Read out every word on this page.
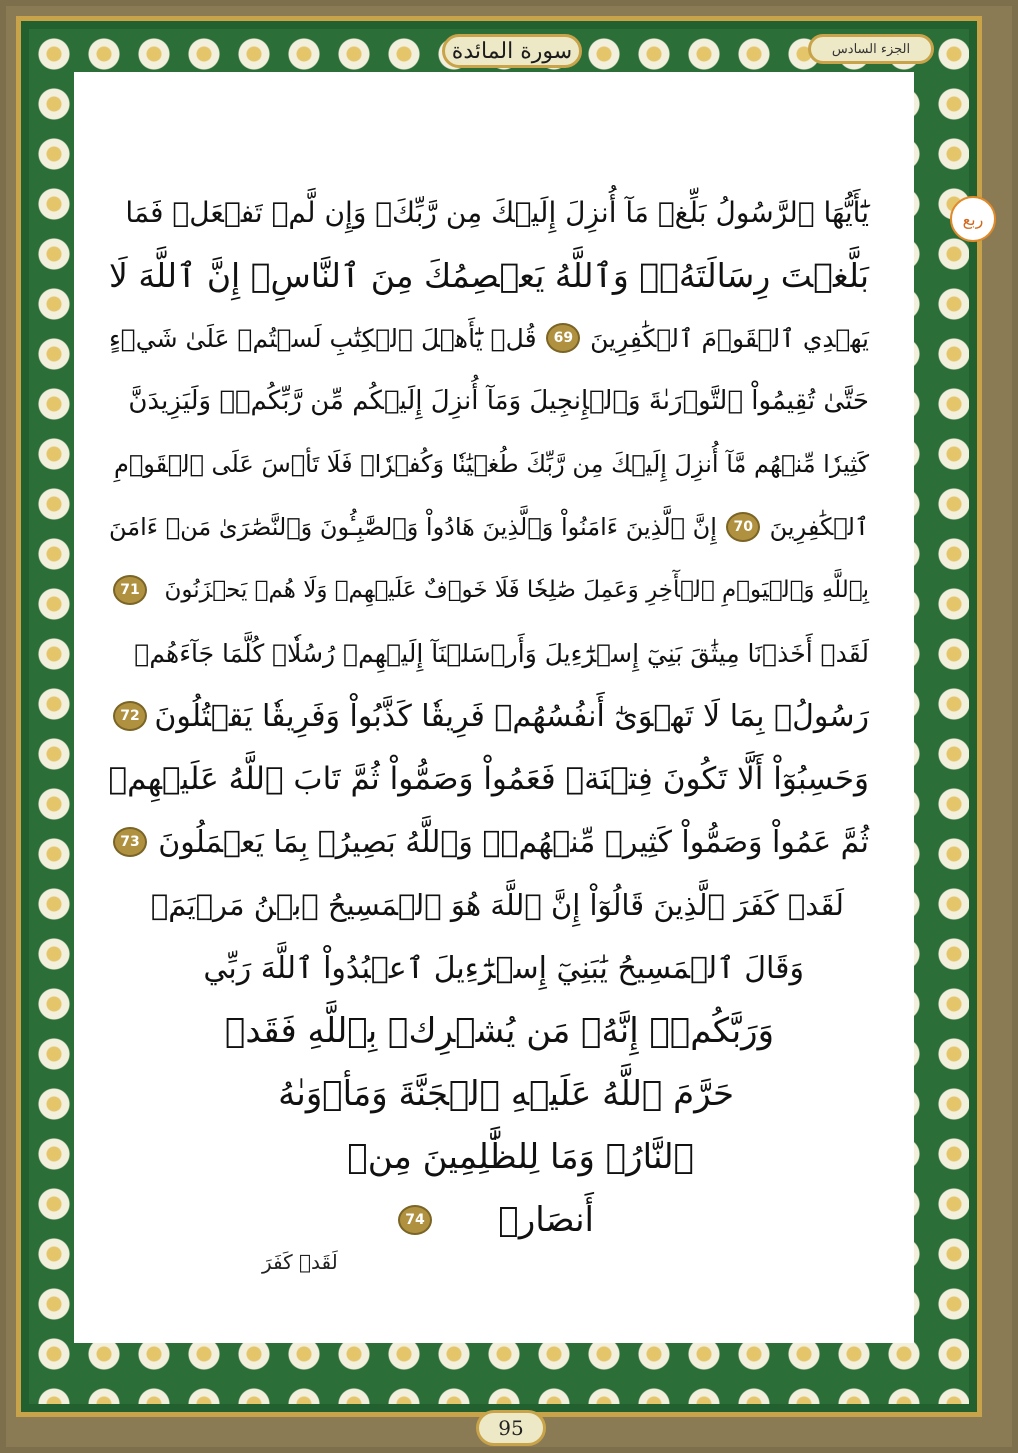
سورة المائدة	الجزء السادس
يَٰٓأَيُّهَا ٱلرَّسُولُ بَلِّغۡ مَآ أُنزِلَ إِلَيۡكَ مِن رَّبِّكَۖ وَإِن لَّمۡ تَفۡعَلۡ فَمَا
بَلَّغۡتَ رِسَالَتَهُۥۚ وَٱللَّهُ يَعۡصِمُكَ مِنَ ٱلنَّاسِۗ إِنَّ ٱللَّهَ لَا
يَهۡدِي ٱلۡقَوۡمَ ٱلۡكَٰفِرِينَ
69
قُلۡ يَٰٓأَهۡلَ ٱلۡكِتَٰبِ لَسۡتُمۡ عَلَىٰ شَيۡءٍ
حَتَّىٰ تُقِيمُواْ ٱلتَّوۡرَىٰةَ وَٱلۡإِنجِيلَ وَمَآ أُنزِلَ إِلَيۡكُم مِّن رَّبِّكُمۡۗ وَلَيَزِيدَنَّ
كَثِيرٗا مِّنۡهُم مَّآ أُنزِلَ إِلَيۡكَ مِن رَّبِّكَ طُغۡيَٰنٗا وَكُفۡرٗاۖ فَلَا تَأۡسَ عَلَى ٱلۡقَوۡمِ
ٱلۡكَٰفِرِينَ
70
إِنَّ ٱلَّذِينَ ءَامَنُواْ وَٱلَّذِينَ هَادُواْ وَٱلصَّٰبِـُٔونَ وَٱلنَّصَٰرَىٰ مَنۡ ءَامَنَ
بِٱللَّهِ وَٱلۡيَوۡمِ ٱلۡأٓخِرِ وَعَمِلَ صَٰلِحٗا فَلَا خَوۡفٌ عَلَيۡهِمۡ وَلَا هُمۡ يَحۡزَنُونَ
71
لَقَدۡ أَخَذۡنَا مِيثَٰقَ بَنِيٓ إِسۡرَٰٓءِيلَ وَأَرۡسَلۡنَآ إِلَيۡهِمۡ رُسُلٗاۖ كُلَّمَا جَآءَهُمۡ
رَسُولُۢ بِمَا لَا تَهۡوَىٰٓ أَنفُسُهُمۡ فَرِيقٗا كَذَّبُواْ وَفَرِيقٗا يَقۡتُلُونَ
72
وَحَسِبُوٓاْ أَلَّا تَكُونَ فِتۡنَةٞ فَعَمُواْ وَصَمُّواْ ثُمَّ تَابَ ٱللَّهُ عَلَيۡهِمۡ
ثُمَّ عَمُواْ وَصَمُّواْ كَثِيرٞ مِّنۡهُمۡۚ وَٱللَّهُ بَصِيرُۢ بِمَا يَعۡمَلُونَ
73
لَقَدۡ كَفَرَ ٱلَّذِينَ قَالُوٓاْ إِنَّ ٱللَّهَ هُوَ ٱلۡمَسِيحُ ٱبۡنُ مَرۡيَمَۖ
وَقَالَ ٱلۡمَسِيحُ يَٰبَنِيٓ إِسۡرَٰٓءِيلَ ٱعۡبُدُواْ ٱللَّهَ رَبِّي
وَرَبَّكُمۡۖ إِنَّهُۥ مَن يُشۡرِكۡ بِٱللَّهِ فَقَدۡ
حَرَّمَ ٱللَّهُ عَلَيۡهِ ٱلۡجَنَّةَ وَمَأۡوَىٰهُ
ٱلنَّارُۖ وَمَا لِلظَّٰلِمِينَ مِنۡ
أَنصَارٖ
74
لَقَدۡ كَفَرَ
ربع
95
